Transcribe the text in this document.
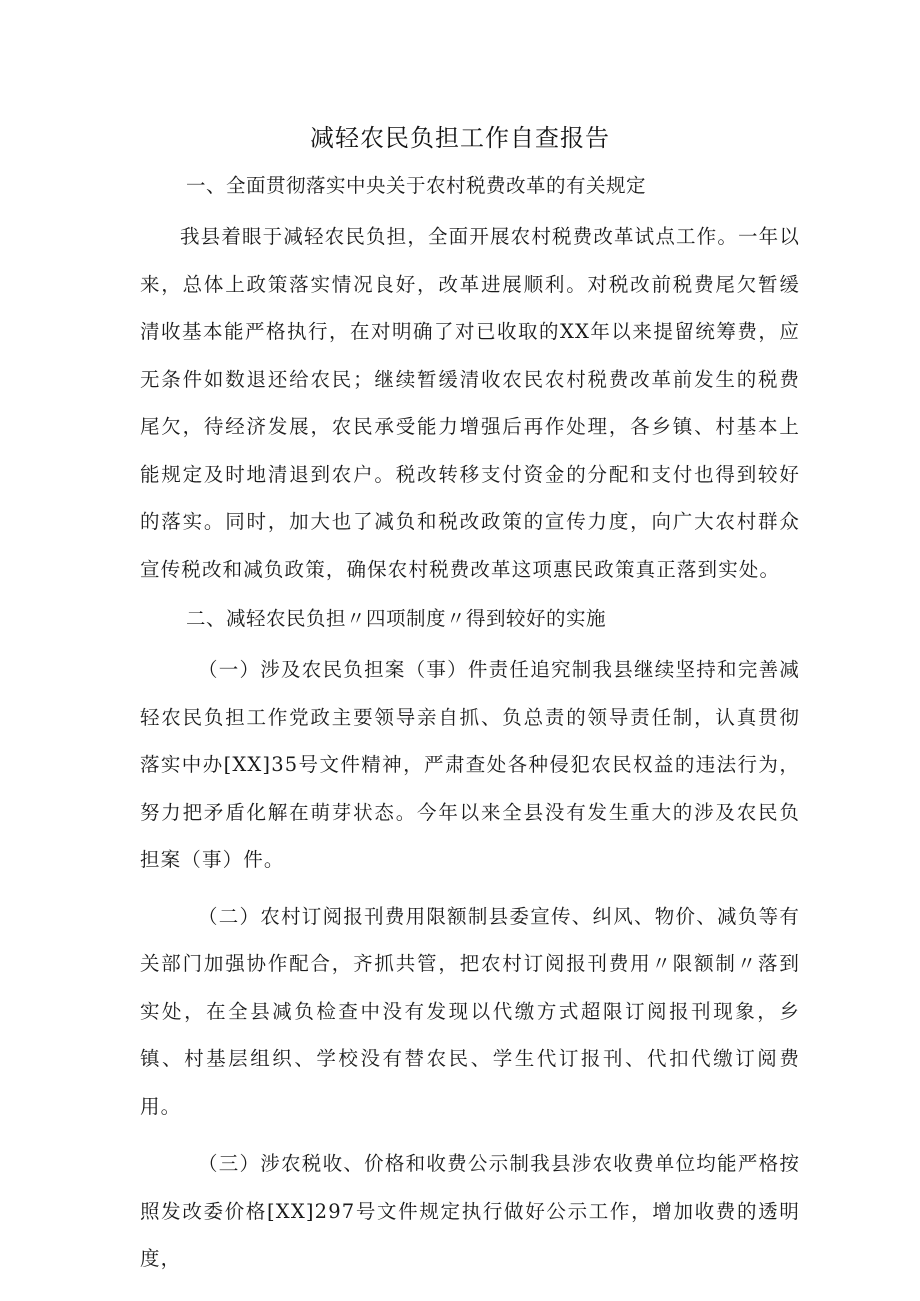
减轻农民负担工作自查报告

一、全面贯彻落实中央关于农村税费改革的有关规定

我县着眼于减轻农民负担，全面开展农村税费改革试点工作。一年以来，总体上政策落实情况良好，改革进展顺利。对税改前税费尾欠暂缓清收基本能严格执行，在对明确了对已收取的XX年以来提留统筹费，应无条件如数退还给农民；继续暂缓清收农民农村税费改革前发生的税费尾欠，待经济发展，农民承受能力增强后再作处理，各乡镇、村基本上能规定及时地清退到农户。税改转移支付资金的分配和支付也得到较好的落实。同时，加大也了减负和税改政策的宣传力度，向广大农村群众宣传税改和减负政策，确保农村税费改革这项惠民政策真正落到实处。

二、减轻农民负担〃四项制度〃得到较好的实施

（一）涉及农民负担案（事）件责任追究制我县继续坚持和完善减轻农民负担工作党政主要领导亲自抓、负总责的领导责任制，认真贯彻落实中办[XX]35号文件精神，严肃查处各种侵犯农民权益的违法行为，努力把矛盾化解在萌芽状态。今年以来全县没有发生重大的涉及农民负担案（事）件。

（二）农村订阅报刊费用限额制县委宣传、纠风、物价、减负等有关部门加强协作配合，齐抓共管，把农村订阅报刊费用〃限额制〃落到实处，在全县减负检查中没有发现以代缴方式超限订阅报刊现象，乡镇、村基层组织、学校没有替农民、学生代订报刊、代扣代缴订阅费用。

（三）涉农税收、价格和收费公示制我县涉农收费单位均能严格按照发改委价格[XX]297号文件规定执行做好公示工作，增加收费的透明度，
